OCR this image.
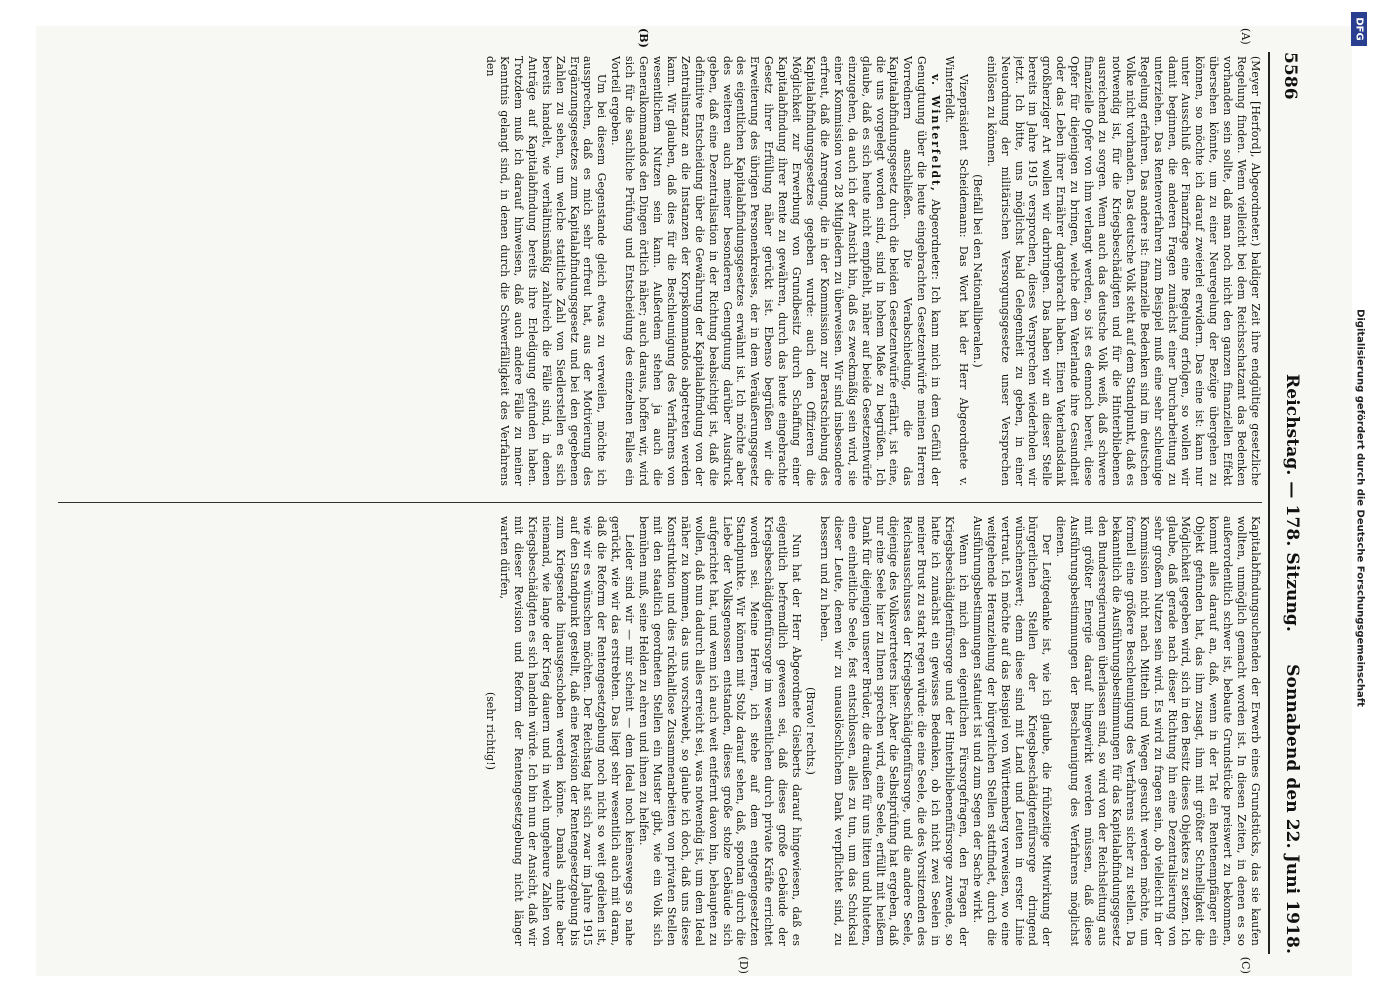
5586
Reichstag. — 178. Sitzung.
Sonnabend den 22. Juni 1918.
(A)
(B)
(C)
(D)

(Meyer [Herford], Abgeordneter.) baldiger Zeit ihre endgültige gesetzliche Regelung finden. Wenn vielleicht bei dem Reichsschatzamt das Bedenken vorhanden sein sollte, daß man noch nicht den ganzen finanziellen Effekt übersehen könnte, um zu einer Neuregelung der Bezüge übergehen zu können, so möchte ich darauf zweierlei erwidern. Das eine ist: kann nur unter Ausschluß der Finanzfrage eine Regelung erfolgen, so wollen wir damit beginnen, die anderen Fragen zunächst einer Durcharbeitung zu unterziehen. Das Rentenverfahren zum Beispiel muß eine sehr schleunige Regelung erfahren. Das andere ist: finanzielle Bedenken sind im deutschen Volke nicht vorhanden. Das deutsche Volk steht auf dem Standpunkt, daß es notwendig ist, für die Kriegsbeschädigten und für die Hinterbliebenen ausreichend zu sorgen. Wenn auch das deutsche Volk weiß, daß schwere finanzielle Opfer von ihm verlangt werden, so ist es dennoch bereit, diese Opfer für diejenigen zu bringen, welche dem Vaterlande ihre Gesundheit oder das Leben ihrer Ernährer dargebracht haben. Einen Vaterlandsdank großherziger Art wollen wir darbringen. Das haben wir an dieser Stelle bereits im Jahre 1915 versprochen, dieses Versprechen wiederholen wir jetzt. Ich bitte, uns möglichst bald Gelegenheit zu geben, in einer Neuordnung der militärischen Versorgungsgesetze unser Versprechen einlösen zu können.

(Beifall bei den Nationalliberalen.)

Vizepräsident Scheidemann: Das Wort hat der Herr Abgeordnete v. Winterfeldt.

v. Winterfeldt, Abgeordneter: Ich kann mich in dem Gefühl der Genugtuung über die heute eingebrachten Gesetzentwürfe meinen Herren Vorrednern anschließen. Die Verabschiedung, die das Kapitalabfindungsgesetz durch die beiden Gesetzentwürfe erfährt, ist eine, die uns vorgelegt worden sind, sind in hohem Maße zu begrüßen. Ich glaube, daß es sich heute nicht empfiehlt, näher auf beide Gesetzentwürfe einzugehen, da auch ich der Ansicht bin, daß es zweckmäßig sein wird, sie einer Kommission von 28 Mitgliedern zu überweisen. Wir sind insbesondere erfreut, daß die Anregung, die in der Kommission zur Beratschiebung des Kapitalabfindungsgesetzes gegeben wurde: auch den Offizieren die Möglichkeit zur Erwerbung von Grundbesitz durch Schaffung einer Kapitalabfindung ihrer Rente zu gewähren, durch das heute eingebrachte Gesetz ihrer Erfüllung näher gerückt ist. Ebenso begrüßen wir die Erweiterung des übrigen Personenkreises, der in dem Veräußerungsgesetz des eigentlichen Kapitalabfindungsgesetzes erwähnt ist. Ich möchte aber des weiteren auch meiner besonderen Genugtuung darüber Ausdruck geben, daß eine Dezentralisation in der Richtung beabsichtigt ist, daß die definitive Entscheidung über die Gewährung der Kapitalabfindung von der Zentralinstanz an die Instanzen der Korpskommandos abgetreten werden kann. Wir glauben, daß dies für die Beschleunigung des Verfahrens von wesentlichem Nutzen sein kann. Außerdem stehen ja auch die Generalkommandos den Dingen örtlich näher; auch daraus, hoffen wir, wird sich für die sachliche Prüfung und Entscheidung des einzelnen Falles ein Vorteil ergeben.

Um bei diesem Gegenstande gleich etwas zu verweilen, möchte ich aussprechen, daß es mich sehr erfreut hat, aus der Motivierung des Ergänzungsgesetzes zum Kapitalabfindungsgesetz und bei den gegebenen Zahlen zu sehen, um welche stattliche Zahl von Siedlerstellen es sich bereits handelt, wie verhältnismäßig zahlreich die Fälle sind, in denen Anträge auf Kapitalabfindung bereits ihre Erledigung gefunden haben. Trotzdem muß ich darauf hinweisen, daß auch andere Fälle zu meiner Kenntnis gelangt sind, in denen durch die Schwerfälligkeit des Verfahrens den

Kapitalabfindungsuchenden der Erwerb eines Grundstücks, das sie kaufen wollten, unmöglich gemacht worden ist. In diesen Zeiten, in denen es so außerordentlich schwer ist, bebaute Grundstücke preiswert zu bekommen, kommt alles darauf an, daß, wenn in der Tat ein Rentenempfänger ein Objekt gefunden hat, das ihm zusagt, ihm mit größter Schnelligkeit die Möglichkeit gegeben wird, sich in den Besitz dieses Objektes zu setzen. Ich glaube, daß gerade nach dieser Richtung hin eine Dezentralisierung von sehr großem Nutzen sein wird. Es wird zu fragen sein, ob vielleicht in der Kommission nicht nach Mitteln und Wegen gesucht werden möchte, um formell eine größere Beschleunigung des Verfahrens sicher zu stellen. Da bekanntlich die Ausführungsbestimmungen für das Kapitalabfindungsgesetz den Bundesregierungen überlassen sind, so wird von der Reichsleitung aus mit größter Energie darauf hingewirkt werden müssen, daß diese Ausführungsbestimmungen der Beschleunigung des Verfahrens möglichst dienen.

Der Leitgedanke ist, wie ich glaube, die frühzeitige Mitwirkung der bürgerlichen Stellen der Kriegsbeschädigtenfürsorge dringend wünschenswert; denn diese sind mit Land und Leuten in erster Linie vertraut. Ich möchte auf das Beispiel von Württemberg verweisen, wo eine weitgehende Heranziehung der bürgerlichen Stellen stattfindet, durch die Ausführungsbestimmungen statuiert ist und zum Segen der Sache wirkt.

Wenn ich mich den eigentlichen Fürsorgefragen, den Fragen der Kriegsbeschädigtenfürsorge und der Hinterbliebenenfürsorge zuwende, so hatte ich zunächst ein gewisses Bedenken, ob ich nicht zwei Seelen in meiner Brust zu stark regen würde: die eine Seele, die des Vorsitzenden des Reichsausschusses der Kriegsbeschädigtenfürsorge, und die andere Seele, diejenige des Volksvertreters hier. Aber die Selbstprüfung hat ergeben, daß nur eine Seele hier zu Ihnen sprechen wird, eine Seele, erfüllt mit heißem Dank für diejenigen unserer Brüder, die draußen für uns litten und bluteten, eine einheitliche Seele, fest entschlossen, alles zu tun, um das Schicksal dieser Leute, denen wir zu unauslöschlichem Dank verpflichtet sind, zu bessern und zu heben.

(Bravo! rechts.)

Nun hat der Herr Abgeordnete Giesberts darauf hingewiesen, daß es eigentlich befremdlich gewesen sei, daß dieses große Gebäude der Kriegsbeschädigtenfürsorge im wesentlichen durch private Kräfte errichtet worden sei. Meine Herren, ich stehe auf dem entgegengesetzten Standpunkte. Wir können mit Stolz darauf sehen, daß, spontan durch die Liebe der Volksgenossen entstanden, dieses große stolze Gebäude sich aufgerichtet hat, und wenn ich auch weit entfernt davon bin, behaupten zu wollen, daß nun dadurch alles erreicht sei, was notwendig ist, um dem Ideal näher zu kommen, das uns vorschwebt, so glaube ich doch, daß uns diese Konstruktion und dies rückhaltlose Zusammenarbeiten von privaten Stellen mit den staatlich geordneten Stellen ein Muster gibt, wie ein Volk sich bemühen muß, seine Helden zu ehren und ihnen zu helfen.

Leider sind wir — mir scheint — dem Ideal noch keineswegs so nahe gerückt, wie wir das erstrebten. Das liegt sehr wesentlich auch mit daran, daß die Reform der Rentengesetzgebung noch nicht so weit gediehen ist, wie wir es wünschen möchten. Der Reichstag hat sich zwar im Jahre 1915 auf den Standpunkt gestellt, daß eine Revision der Rentengesetzgebung bis zum Kriegsende hinausgeschoben werden könne. Damals ahnte aber niemand, wie lange der Krieg dauern und in welch ungeheure Zahlen von Kriegsbeschädigten es sich handeln würde. Ich bin nun der Ansicht, daß wir mit dieser Revision und Reform der Rentengesetzgebung nicht länger warten dürfen,

(sehr richtig!)

DFG
Digitalisierung gefördert durch die Deutsche Forschungsgemeinschaft
